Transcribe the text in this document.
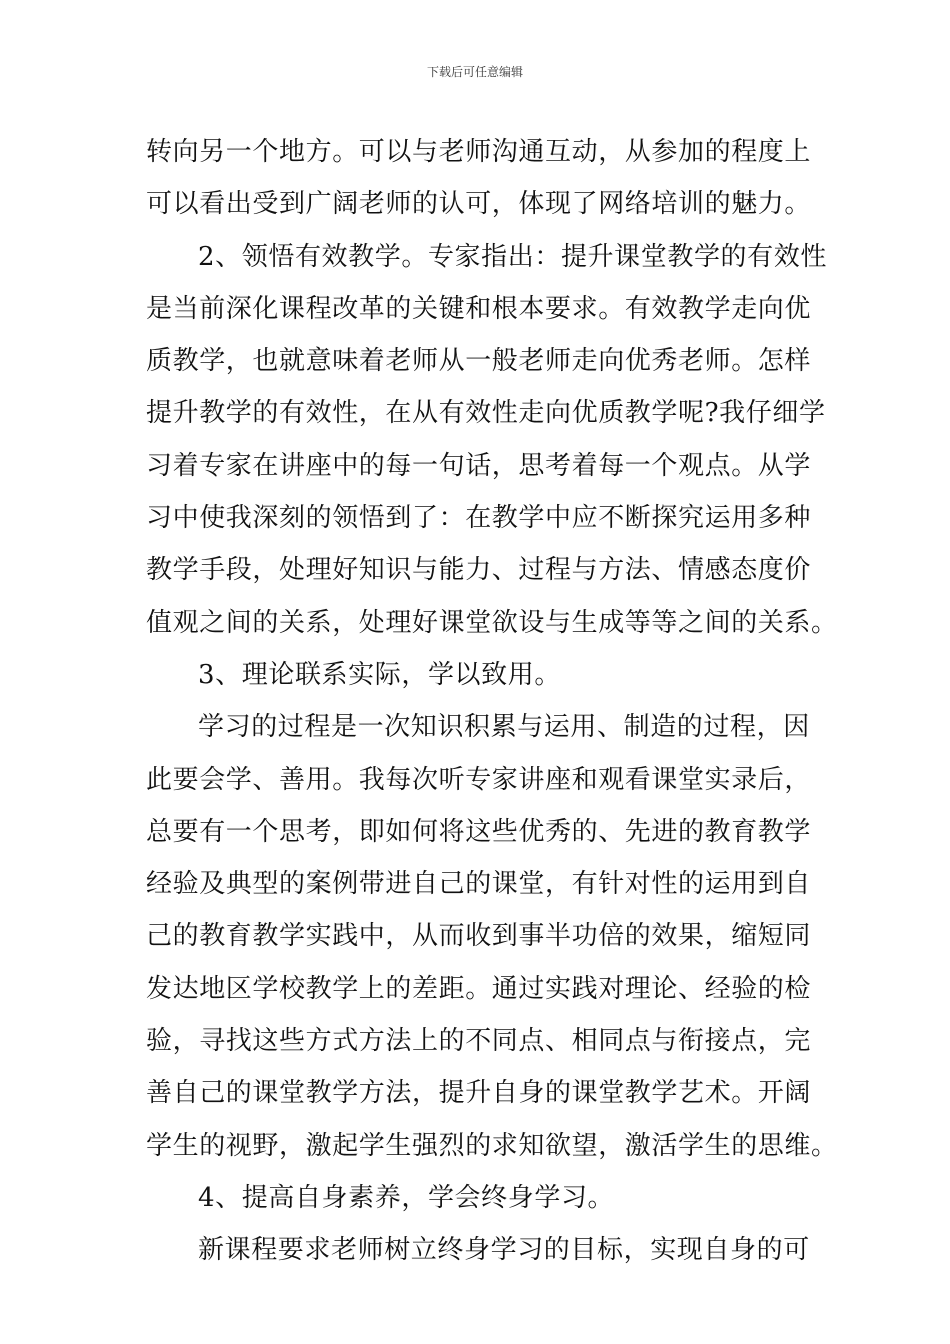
下载后可任意编辑
转向另一个地方。可以与老师沟通互动，从参加的程度上
可以看出受到广阔老师的认可，体现了网络培训的魅力。
2、领悟有效教学。专家指出：提升课堂教学的有效性
是当前深化课程改革的关键和根本要求。有效教学走向优
质教学，也就意味着老师从一般老师走向优秀老师。怎样
提升教学的有效性，在从有效性走向优质教学呢?我仔细学
习着专家在讲座中的每一句话，思考着每一个观点。从学
习中使我深刻的领悟到了：在教学中应不断探究运用多种
教学手段，处理好知识与能力、过程与方法、情感态度价
值观之间的关系，处理好课堂欲设与生成等等之间的关系。
3、理论联系实际，学以致用。
学习的过程是一次知识积累与运用、制造的过程，因
此要会学、善用。我每次听专家讲座和观看课堂实录后，
总要有一个思考，即如何将这些优秀的、先进的教育教学
经验及典型的案例带进自己的课堂，有针对性的运用到自
己的教育教学实践中，从而收到事半功倍的效果，缩短同
发达地区学校教学上的差距。通过实践对理论、经验的检
验，寻找这些方式方法上的不同点、相同点与衔接点，完
善自己的课堂教学方法，提升自身的课堂教学艺术。开阔
学生的视野，激起学生强烈的求知欲望，激活学生的思维。
4、提高自身素养，学会终身学习。
新课程要求老师树立终身学习的目标，实现自身的可
